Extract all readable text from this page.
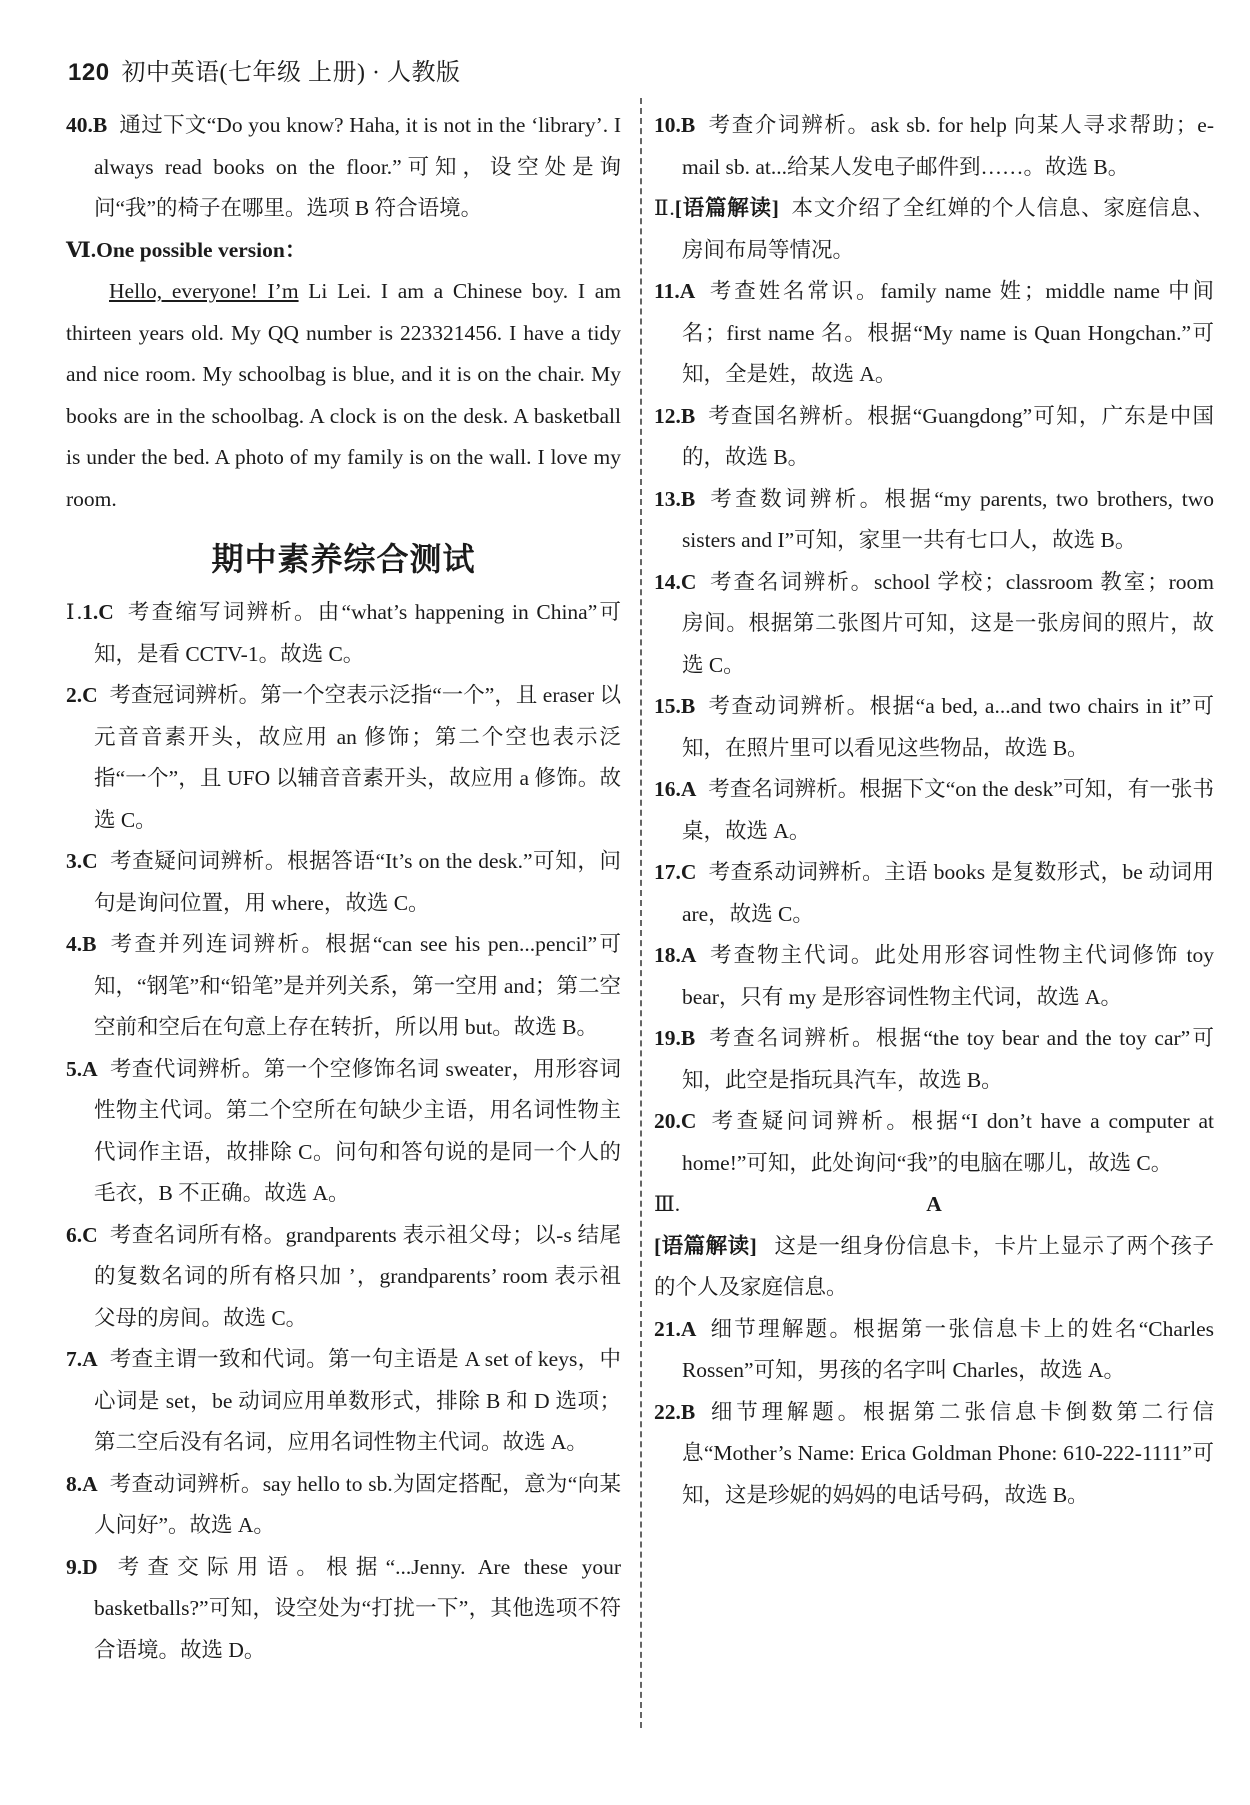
120 初中英语(七年级 上册) · 人教版

40.B 通过下文“Do you know? Haha, it is not in the ‘library’. I always read books on the floor.”可知，设空处是询问“我”的椅子在哪里。选项 B 符合语境。

Ⅵ.One possible version：

Hello, everyone! I’m Li Lei. I am a Chinese boy. I am thirteen years old. My QQ number is 223321456. I have a tidy and nice room. My schoolbag is blue, and it is on the chair. My books are in the schoolbag. A clock is on the desk. A basketball is under the bed. A photo of my family is on the wall. I love my room.

期中素养综合测试

Ⅰ.1.C 考查缩写词辨析。由“what’s happening in China”可知，是看 CCTV-1。故选 C。

2.C 考查冠词辨析。第一个空表示泛指“一个”，且 eraser 以元音音素开头，故应用 an 修饰；第二个空也表示泛指“一个”，且 UFO 以辅音音素开头，故应用 a 修饰。故选 C。

3.C 考查疑问词辨析。根据答语“It’s on the desk.”可知，问句是询问位置，用 where，故选 C。

4.B 考查并列连词辨析。根据“can see his pen...pencil”可知，“钢笔”和“铅笔”是并列关系，第一空用 and；第二空空前和空后在句意上存在转折，所以用 but。故选 B。

5.A 考查代词辨析。第一个空修饰名词 sweater，用形容词性物主代词。第二个空所在句缺少主语，用名词性物主代词作主语，故排除 C。问句和答句说的是同一个人的毛衣，B 不正确。故选 A。

6.C 考查名词所有格。grandparents 表示祖父母；以-s 结尾的复数名词的所有格只加 ’，grandparents’ room 表示祖父母的房间。故选 C。

7.A 考查主谓一致和代词。第一句主语是 A set of keys，中心词是 set，be 动词应用单数形式，排除 B 和 D 选项；第二空后没有名词，应用名词性物主代词。故选 A。

8.A 考查动词辨析。say hello to sb.为固定搭配，意为“向某人问好”。故选 A。

9.D 考查交际用语。根据“...Jenny. Are these your basketballs?”可知，设空处为“打扰一下”，其他选项不符合语境。故选 D。

10.B 考查介词辨析。ask sb. for help 向某人寻求帮助；e-mail sb. at...给某人发电子邮件到……。故选 B。

Ⅱ.[语篇解读] 本文介绍了全红婵的个人信息、家庭信息、房间布局等情况。

11.A 考查姓名常识。family name 姓；middle name 中间名；first name 名。根据“My name is Quan Hongchan.”可知，全是姓，故选 A。

12.B 考查国名辨析。根据“Guangdong”可知，广东是中国的，故选 B。

13.B 考查数词辨析。根据“my parents, two brothers, two sisters and I”可知，家里一共有七口人，故选 B。

14.C 考查名词辨析。school 学校；classroom 教室；room 房间。根据第二张图片可知，这是一张房间的照片，故选 C。

15.B 考查动词辨析。根据“a bed, a...and two chairs in it”可知，在照片里可以看见这些物品，故选 B。

16.A 考查名词辨析。根据下文“on the desk”可知，有一张书桌，故选 A。

17.C 考查系动词辨析。主语 books 是复数形式，be 动词用 are，故选 C。

18.A 考查物主代词。此处用形容词性物主代词修饰 toy bear，只有 my 是形容词性物主代词，故选 A。

19.B 考查名词辨析。根据“the toy bear and the toy car”可知，此空是指玩具汽车，故选 B。

20.C 考查疑问词辨析。根据“I don’t have a computer at home!”可知，此处询问“我”的电脑在哪儿，故选 C。

Ⅲ.	A

[语篇解读] 这是一组身份信息卡，卡片上显示了两个孩子的个人及家庭信息。

21.A 细节理解题。根据第一张信息卡上的姓名“Charles Rossen”可知，男孩的名字叫 Charles，故选 A。

22.B 细节理解题。根据第二张信息卡倒数第二行信息“Mother’s Name: Erica Goldman Phone: 610-222-1111”可知，这是珍妮的妈妈的电话号码，故选 B。
